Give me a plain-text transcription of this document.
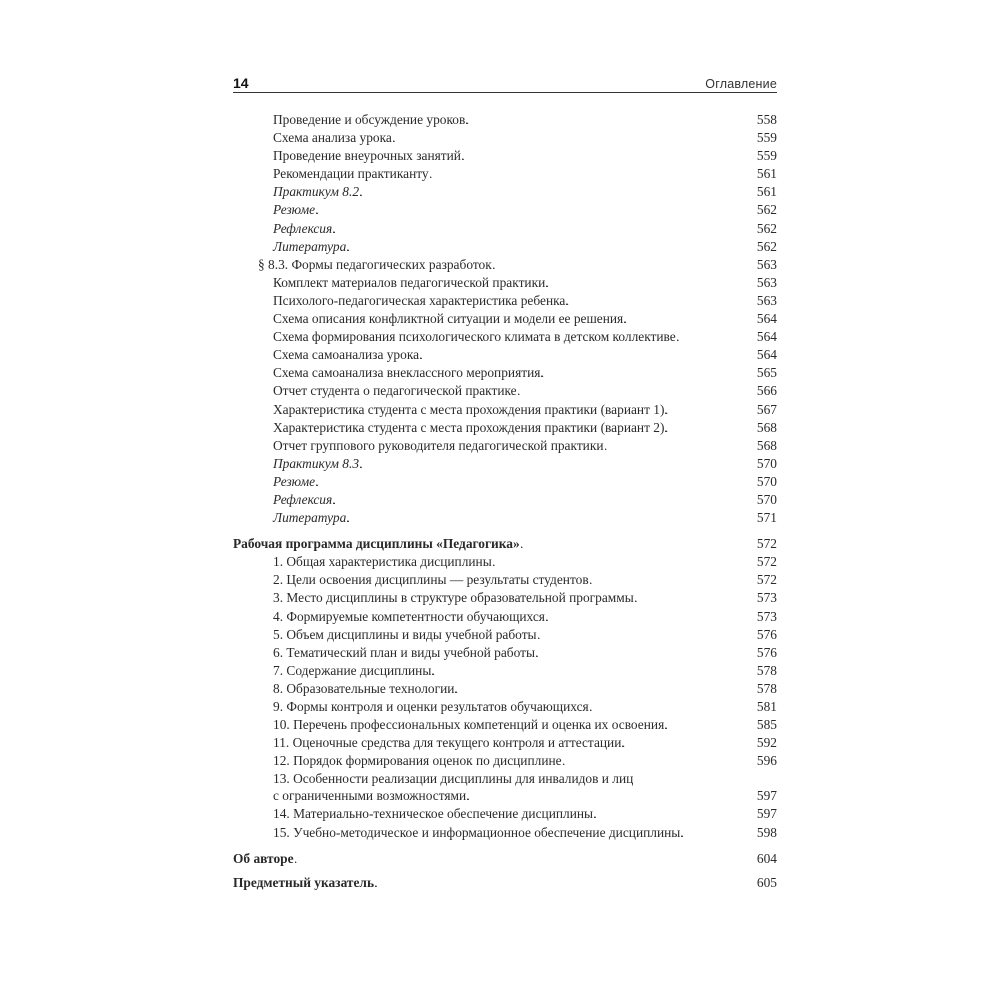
14	Оглавление
Проведение и обсуждение уроков . . .	558
Схема анализа урока . . .	559
Проведение внеурочных занятий . . .	559
Рекомендации практиканту . . .	561
Практикум 8.2 . . .	561
Резюме . . .	562
Рефлексия . . .	562
Литература . . .	562
§ 8.3. Формы педагогических разработок . . .	563
Комплект материалов педагогической практики . . .	563
Психолого-педагогическая характеристика ребенка . . .	563
Схема описания конфликтной ситуации и модели ее решения . . .	564
Схема формирования психологического климата в детском коллективе . . .	564
Схема самоанализа урока . . .	564
Схема самоанализа внеклассного мероприятия . . .	565
Отчет студента о педагогической практике . . .	566
Характеристика студента с места прохождения практики (вариант 1) . . .	567
Характеристика студента с места прохождения практики (вариант 2) . . .	568
Отчет группового руководителя педагогической практики . . .	568
Практикум 8.3 . . .	570
Резюме . . .	570
Рефлексия . . .	570
Литература . . .	571
Рабочая программа дисциплины «Педагогика» . . .	572
1. Общая характеристика дисциплины . . .	572
2. Цели освоения дисциплины — результаты студентов . . .	572
3. Место дисциплины в структуре образовательной программы . . .	573
4. Формируемые компетентности обучающихся . . .	573
5. Объем дисциплины и виды учебной работы . . .	576
6. Тематический план и виды учебной работы . . .	576
7. Содержание дисциплины . . .	578
8. Образовательные технологии . . .	578
9. Формы контроля и оценки результатов обучающихся . . .	581
10. Перечень профессиональных компетенций и оценка их освоения . . .	585
11. Оценочные средства для текущего контроля и аттестации . . .	592
12. Порядок формирования оценок по дисциплине . . .	596
13. Особенности реализации дисциплины для инвалидов и лиц
с ограниченными возможностями . . .	597
14. Материально-техническое обеспечение дисциплины . . .	597
15. Учебно-методическое и информационное обеспечение дисциплины . . .	598
Об авторе . . .	604
Предметный указатель . . .	605
